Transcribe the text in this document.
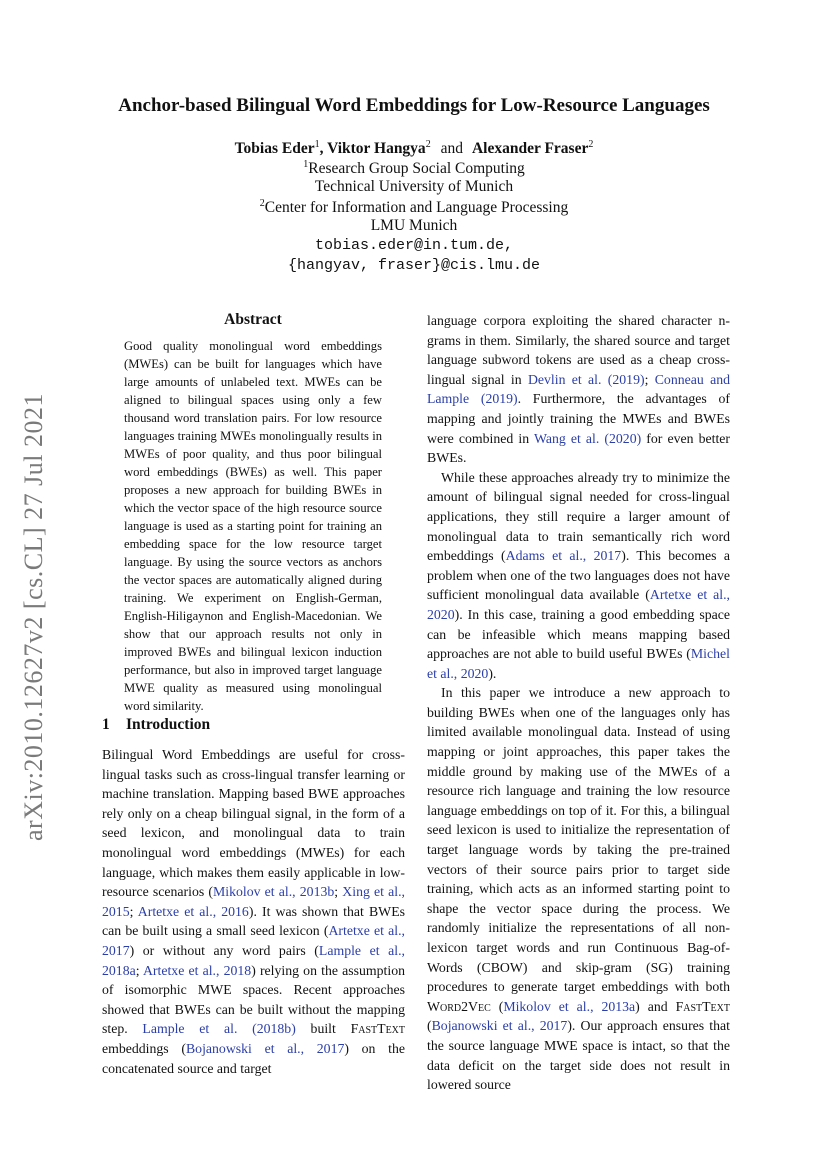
arXiv:2010.12627v2 [cs.CL] 27 Jul 2021
Anchor-based Bilingual Word Embeddings for Low-Resource Languages
Tobias Eder$^1$, Viktor Hangya$^2$ and Alexander Fraser$^2$
$^1$Research Group Social Computing
Technical University of Munich
$^2$Center for Information and Language Processing
LMU Munich
tobias.eder@in.tum.de,
{hangyav, fraser}@cis.lmu.de
Abstract
Good quality monolingual word embeddings (MWEs) can be built for languages which have large amounts of unlabeled text. MWEs can be aligned to bilingual spaces using only a few thousand word translation pairs. For low resource languages training MWEs monolingually results in MWEs of poor quality, and thus poor bilingual word embeddings (BWEs) as well. This paper proposes a new approach for building BWEs in which the vector space of the high resource source language is used as a starting point for training an embedding space for the low resource target language. By using the source vectors as anchors the vector spaces are automatically aligned during training. We experiment on English-German, English-Hiligaynon and English-Macedonian. We show that our approach results not only in improved BWEs and bilingual lexicon induction performance, but also in improved target language MWE quality as measured using monolingual word similarity.
1 Introduction

Bilingual Word Embeddings are useful for cross-lingual tasks such as cross-lingual transfer learning or machine translation. Mapping based BWE approaches rely only on a cheap bilingual signal, in the form of a seed lexicon, and monolingual data to train monolingual word embeddings (MWEs) for each language, which makes them easily applicable in low-resource scenarios (Mikolov et al., 2013b; Xing et al., 2015; Artetxe et al., 2016). It was shown that BWEs can be built using a small seed lexicon (Artetxe et al., 2017) or without any word pairs (Lample et al., 2018a; Artetxe et al., 2018) relying on the assumption of isomorphic MWE spaces. Recent approaches showed that BWEs can be built without the mapping step. Lample et al. (2018b) built FastText embeddings (Bojanowski et al., 2017) on the concatenated source and target

language corpora exploiting the shared character n-grams in them. Similarly, the shared source and target language subword tokens are used as a cheap cross-lingual signal in Devlin et al. (2019); Conneau and Lample (2019). Furthermore, the advantages of mapping and jointly training the MWEs and BWEs were combined in Wang et al. (2020) for even better BWEs.

While these approaches already try to minimize the amount of bilingual signal needed for cross-lingual applications, they still require a larger amount of monolingual data to train semantically rich word embeddings (Adams et al., 2017). This becomes a problem when one of the two languages does not have sufficient monolingual data available (Artetxe et al., 2020). In this case, training a good embedding space can be infeasible which means mapping based approaches are not able to build useful BWEs (Michel et al., 2020).

In this paper we introduce a new approach to building BWEs when one of the languages only has limited available monolingual data. Instead of using mapping or joint approaches, this paper takes the middle ground by making use of the MWEs of a resource rich language and training the low resource language embeddings on top of it. For this, a bilingual seed lexicon is used to initialize the representation of target language words by taking the pre-trained vectors of their source pairs prior to target side training, which acts as an informed starting point to shape the vector space during the process. We randomly initialize the representations of all non-lexicon target words and run Continuous Bag-of-Words (CBOW) and skip-gram (SG) training procedures to generate target embeddings with both Word2Vec (Mikolov et al., 2013a) and FastText (Bojanowski et al., 2017). Our approach ensures that the source language MWE space is intact, so that the data deficit on the target side does not result in lowered source
